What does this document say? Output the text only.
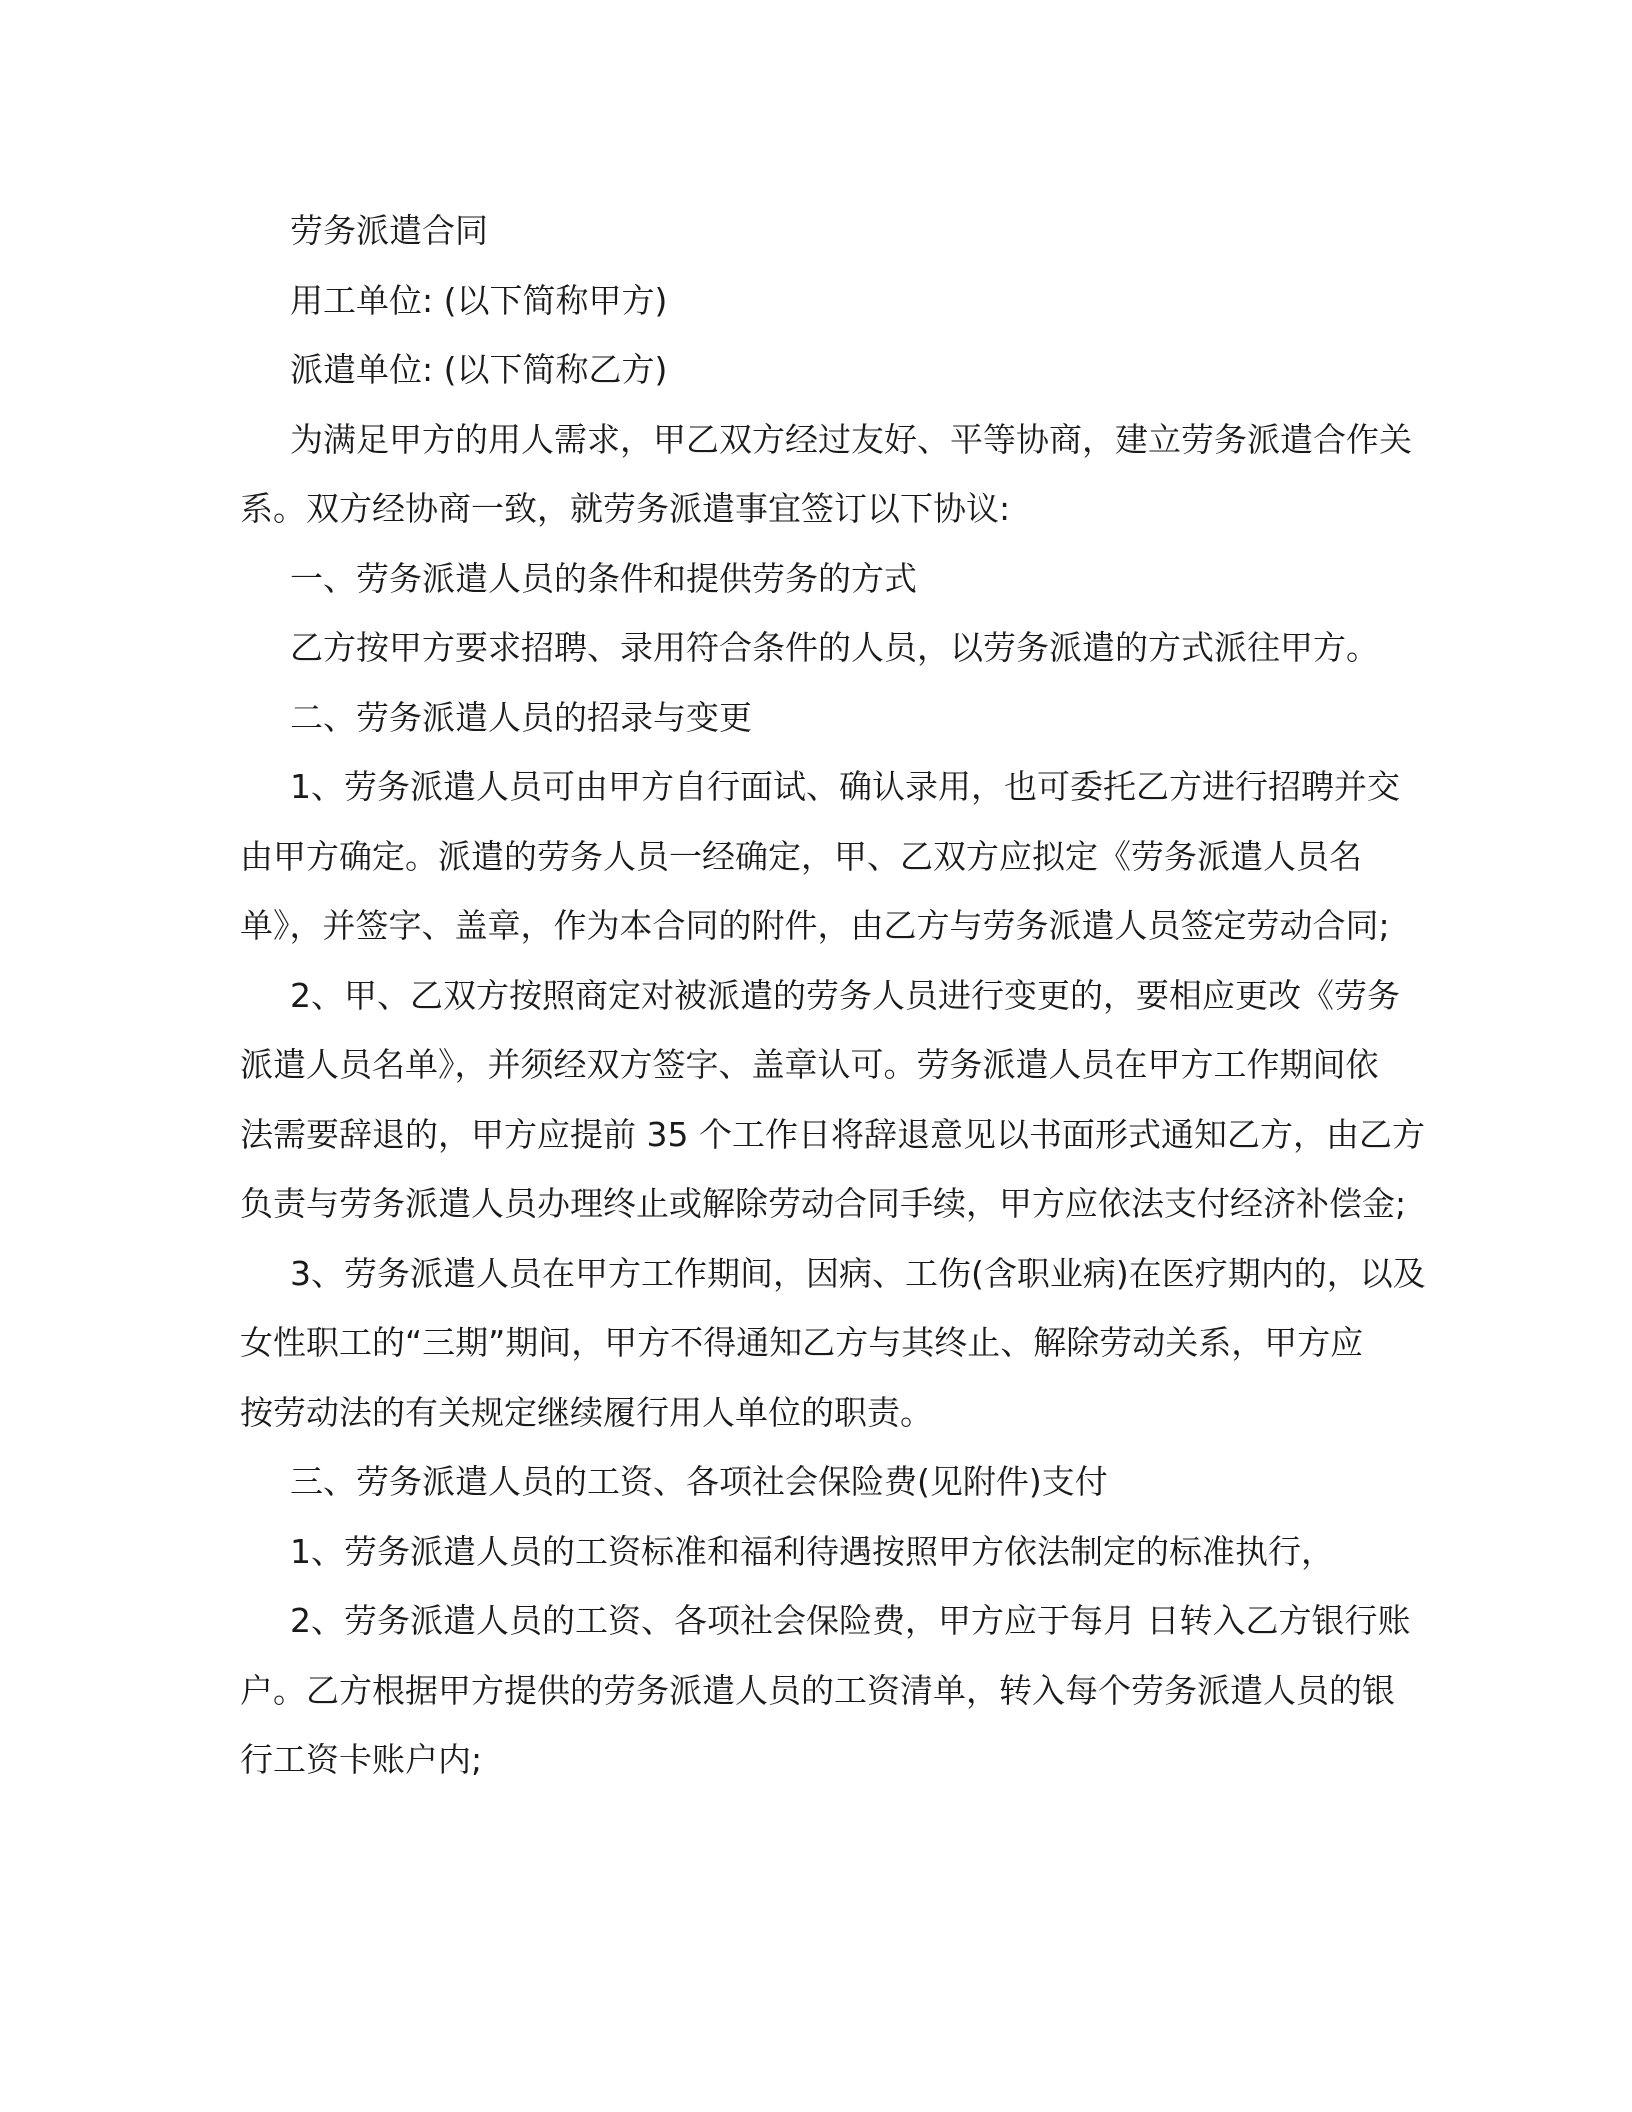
劳务派遣合同
用工单位: (以下简称甲方)
派遣单位: (以下简称乙方)
为满足甲方的用人需求，甲乙双方经过友好、平等协商，建立劳务派遣合作关
系。双方经协商一致，就劳务派遣事宜签订以下协议:
一、劳务派遣人员的条件和提供劳务的方式
乙方按甲方要求招聘、录用符合条件的人员，以劳务派遣的方式派往甲方。
二、劳务派遣人员的招录与变更
1、劳务派遣人员可由甲方自行面试、确认录用，也可委托乙方进行招聘并交
由甲方确定。派遣的劳务人员一经确定，甲、乙双方应拟定《劳务派遣人员名
单》，并签字、盖章，作为本合同的附件，由乙方与劳务派遣人员签定劳动合同;
2、甲、乙双方按照商定对被派遣的劳务人员进行变更的，要相应更改《劳务
派遣人员名单》，并须经双方签字、盖章认可。劳务派遣人员在甲方工作期间依
法需要辞退的，甲方应提前 35 个工作日将辞退意见以书面形式通知乙方，由乙方
负责与劳务派遣人员办理终止或解除劳动合同手续，甲方应依法支付经济补偿金;
3、劳务派遣人员在甲方工作期间，因病、工伤(含职业病)在医疗期内的，以及
女性职工的“三期”期间，甲方不得通知乙方与其终止、解除劳动关系，甲方应
按劳动法的有关规定继续履行用人单位的职责。
三、劳务派遣人员的工资、各项社会保险费(见附件)支付
1、劳务派遣人员的工资标准和福利待遇按照甲方依法制定的标准执行，
2、劳务派遣人员的工资、各项社会保险费，甲方应于每月 日转入乙方银行账
户。乙方根据甲方提供的劳务派遣人员的工资清单，转入每个劳务派遣人员的银
行工资卡账户内;
